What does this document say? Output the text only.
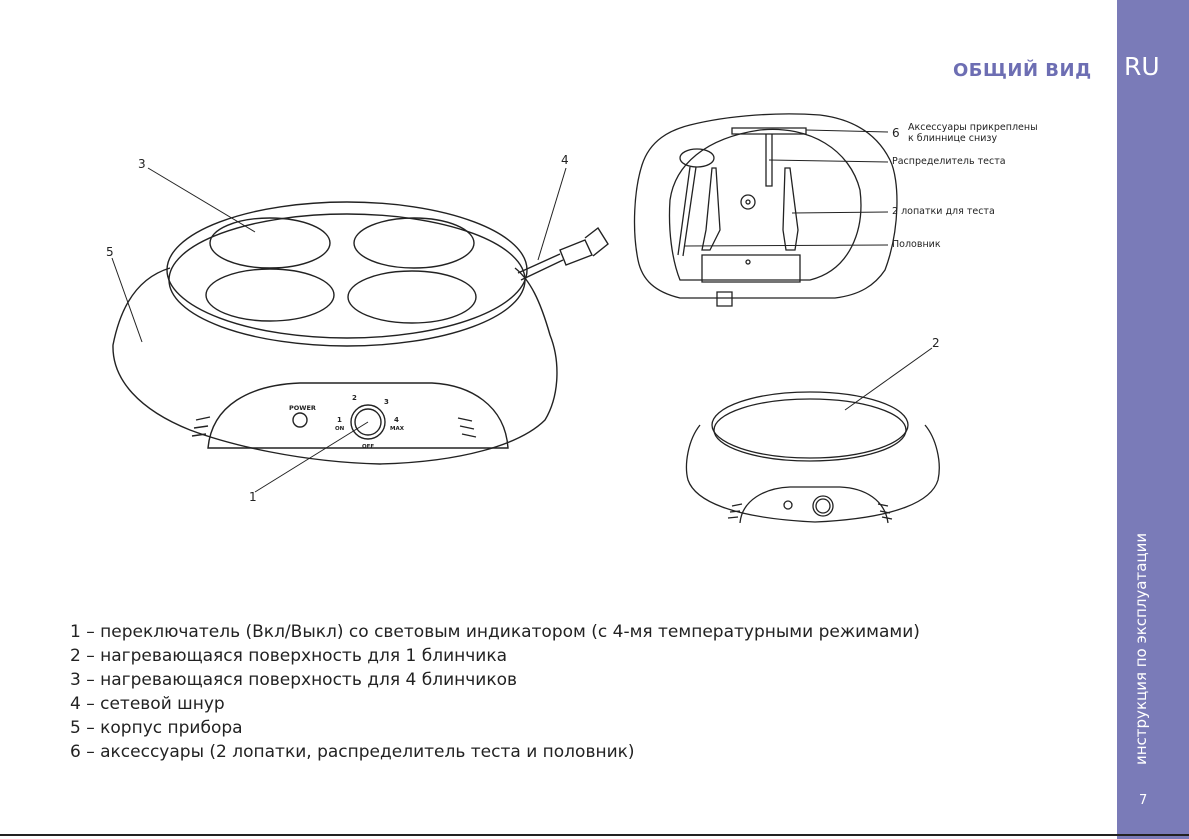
RU
инструкция по эксплуатации
7
ОБЩИЙ ВИД
3	4
5
1
POWER
2	3
1
ON
4
MAX
OFF
6 Аксессуары прикреплены
к блиннице снизу
Распределитель теста
2 лопатки для теста
Половник
2
1 – переключатель (Вкл/Выкл) со световым индикатором (с 4-мя температурными режимами)
2 – нагревающаяся поверхность для 1 блинчика
3 – нагревающаяся поверхность для 4 блинчиков
4 – сетевой шнур
5 – корпус прибора
6 – аксессуары (2 лопатки, распределитель теста и половник)
